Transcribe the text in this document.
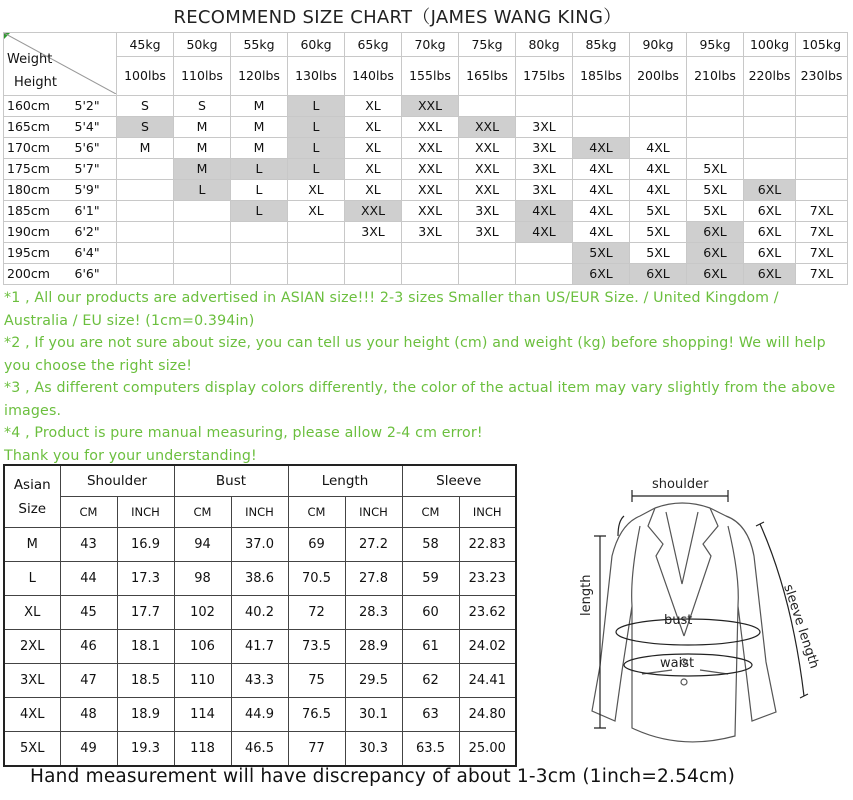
RECOMMEND SIZE CHART（JAMES WANG KING）
Weight
Height		45kg	50kg	55kg	60kg	65kg	70kg	75kg	80kg	85kg	90kg	95kg	100kg	105kg
		100lbs	110lbs	120lbs	130lbs	140lbs	155lbs	165lbs	175lbs	185lbs	200lbs	210lbs	220lbs	230lbs
160cm	5'2"	S	S	M	L	XL	XXL							
165cm	5'4"	S	M	M	L	XL	XXL	XXL	3XL					
170cm	5'6"	M	M	M	L	XL	XXL	XXL	3XL	4XL	4XL			
175cm	5'7"		M	L	L	XL	XXL	XXL	3XL	4XL	4XL	5XL		
180cm	5'9"		L	L	XL	XL	XXL	XXL	3XL	4XL	4XL	5XL	6XL	
185cm	6'1"			L	XL	XXL	XXL	3XL	4XL	4XL	5XL	5XL	6XL	7XL
190cm	6'2"					3XL	3XL	3XL	4XL	4XL	5XL	6XL	6XL	7XL
195cm	6'4"									5XL	5XL	6XL	6XL	7XL
200cm	6'6"									6XL	6XL	6XL	6XL	7XL

*1 , All our products are advertised in ASIAN size!!! 2-3 sizes Smaller than US/EUR Size. / United Kingdom / Australia / EU size! (1cm=0.394in)

*2 , If you are not sure about size, you can tell us your height (cm) and weight (kg) before shopping! We will help you choose the right size!

*3 , As different computers display colors differently, the color of the actual item may vary slightly from the above images.

*4 , Product is pure manual measuring, please allow 2-4 cm error!

Thank you for your understanding!

Asian
Size	Shoulder		Bust		Length		Sleeve	
	CM	INCH	CM	INCH	CM	INCH	CM	INCH
M	43	16.9	94	37.0	69	27.2	58	22.83
L	44	17.3	98	38.6	70.5	27.8	59	23.23
XL	45	17.7	102	40.2	72	28.3	60	23.62
2XL	46	18.1	106	41.7	73.5	28.9	61	24.02
3XL	47	18.5	110	43.3	75	29.5	62	24.41
4XL	48	18.9	114	44.9	76.5	30.1	63	24.80
5XL	49	19.3	118	46.5	77	30.3	63.5	25.00
shoulder
length
bust
waist	sleeve length
Hand measurement will have discrepancy of about 1-3cm (1inch=2.54cm)
